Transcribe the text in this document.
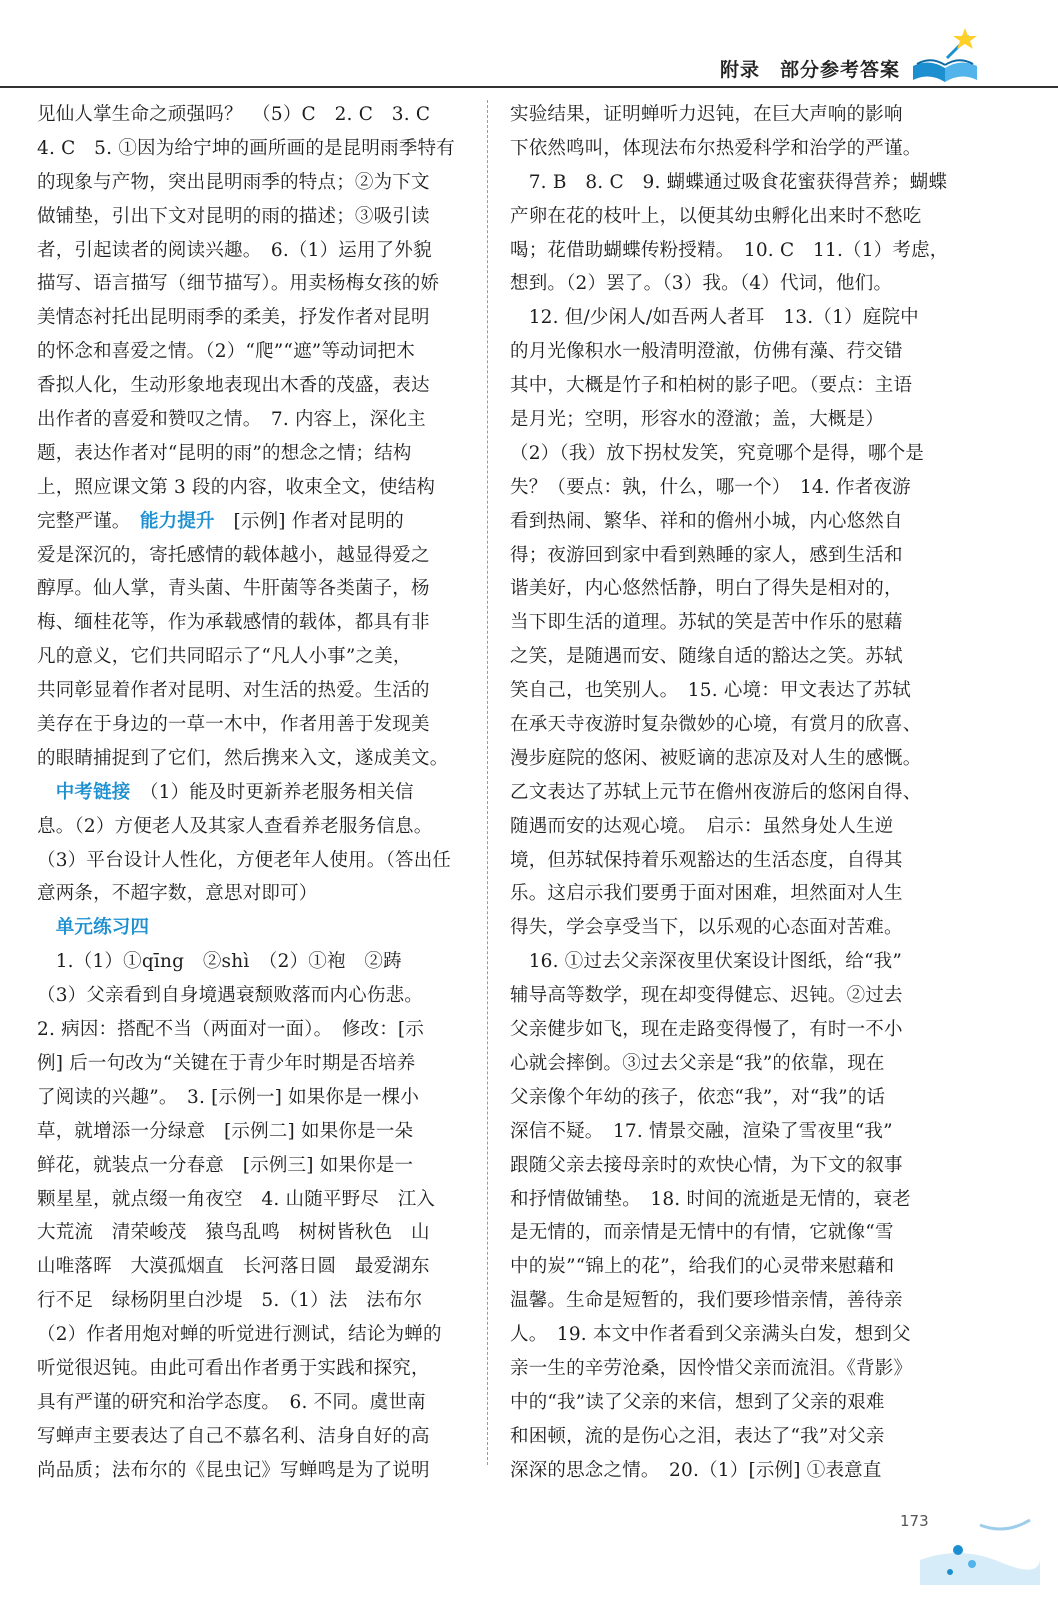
附录　部分参考答案
见仙人掌生命之顽强吗？　（5）C　2. C　3. C
4. C　5. ①因为给宁坤的画所画的是昆明雨季特有
的现象与产物，突出昆明雨季的特点；②为下文
做铺垫，引出下文对昆明的雨的描述；③吸引读
者，引起读者的阅读兴趣。　6.（1）运用了外貌
描写、语言描写（细节描写）。用卖杨梅女孩的娇
美情态衬托出昆明雨季的柔美，抒发作者对昆明
的怀念和喜爱之情。（2）“爬”“遮”等动词把木
香拟人化，生动形象地表现出木香的茂盛，表达
出作者的喜爱和赞叹之情。　7. 内容上，深化主
题，表达作者对“昆明的雨”的想念之情；结构
上，照应课文第 3 段的内容，收束全文，使结构
完整严谨。　能力提升　[示例] 作者对昆明的
爱是深沉的，寄托感情的载体越小，越显得爱之
醇厚。仙人掌，青头菌、牛肝菌等各类菌子，杨
梅、缅桂花等，作为承载感情的载体，都具有非
凡的意义，它们共同昭示了“凡人小事”之美，
共同彰显着作者对昆明、对生活的热爱。生活的
美存在于身边的一草一木中，作者用善于发现美
的眼睛捕捉到了它们，然后携来入文，遂成美文。
　中考链接　（1）能及时更新养老服务相关信
息。（2）方便老人及其家人查看养老服务信息。
（3）平台设计人性化，方便老年人使用。（答出任
意两条，不超字数，意思对即可）
　单元练习四
　1.（1）①qīng　②shì　（2）①袍　②踌
（3）父亲看到自身境遇衰颓败落而内心伤悲。
2. 病因：搭配不当（两面对一面）。　修改：[示
例] 后一句改为“关键在于青少年时期是否培养
了阅读的兴趣”。　3. [示例一] 如果你是一棵小
草，就增添一分绿意　[示例二] 如果你是一朵
鲜花，就装点一分春意　[示例三] 如果你是一
颗星星，就点缀一角夜空　4. 山随平野尽　江入
大荒流　清荣峻茂　猿鸟乱鸣　树树皆秋色　山
山唯落晖　大漠孤烟直　长河落日圆　最爱湖东
行不足　绿杨阴里白沙堤　5.（1）法　法布尔
（2）作者用炮对蝉的听觉进行测试，结论为蝉的
听觉很迟钝。由此可看出作者勇于实践和探究，
具有严谨的研究和治学态度。　6. 不同。虞世南
写蝉声主要表达了自己不慕名利、洁身自好的高
尚品质；法布尔的《昆虫记》写蝉鸣是为了说明
实验结果，证明蝉听力迟钝，在巨大声响的影响
下依然鸣叫，体现法布尔热爱科学和治学的严谨。
　7. B　8. C　9. 蝴蝶通过吸食花蜜获得营养；蝴蝶
产卵在花的枝叶上，以便其幼虫孵化出来时不愁吃
喝；花借助蝴蝶传粉授精。　10. C　11.（1）考虑，
想到。（2）罢了。（3）我。（4）代词，他们。
　12. 但/少闲人/如吾两人者耳　13.（1）庭院中
的月光像积水一般清明澄澈，仿佛有藻、荇交错
其中，大概是竹子和柏树的影子吧。（要点：主语
是月光；空明，形容水的澄澈；盖，大概是）
（2）（我）放下拐杖发笑，究竟哪个是得，哪个是
失？（要点：孰，什么，哪一个）　14. 作者夜游
看到热闹、繁华、祥和的儋州小城，内心悠然自
得；夜游回到家中看到熟睡的家人，感到生活和
谐美好，内心悠然恬静，明白了得失是相对的，
当下即生活的道理。苏轼的笑是苦中作乐的慰藉
之笑，是随遇而安、随缘自适的豁达之笑。苏轼
笑自己，也笑别人。　15. 心境：甲文表达了苏轼
在承天寺夜游时复杂微妙的心境，有赏月的欣喜、
漫步庭院的悠闲、被贬谪的悲凉及对人生的感慨。
乙文表达了苏轼上元节在儋州夜游后的悠闲自得、
随遇而安的达观心境。　启示：虽然身处人生逆
境，但苏轼保持着乐观豁达的生活态度，自得其
乐。这启示我们要勇于面对困难，坦然面对人生
得失，学会享受当下，以乐观的心态面对苦难。
　16. ①过去父亲深夜里伏案设计图纸，给“我”
辅导高等数学，现在却变得健忘、迟钝。②过去
父亲健步如飞，现在走路变得慢了，有时一不小
心就会摔倒。③过去父亲是“我”的依靠，现在
父亲像个年幼的孩子，依恋“我”，对“我”的话
深信不疑。　17. 情景交融，渲染了雪夜里“我”
跟随父亲去接母亲时的欢快心情，为下文的叙事
和抒情做铺垫。　18. 时间的流逝是无情的，衰老
是无情的，而亲情是无情中的有情，它就像“雪
中的炭”“锦上的花”，给我们的心灵带来慰藉和
温馨。生命是短暂的，我们要珍惜亲情，善待亲
人。　19. 本文中作者看到父亲满头白发，想到父
亲一生的辛劳沧桑，因怜惜父亲而流泪。《背影》
中的“我”读了父亲的来信，想到了父亲的艰难
和困顿，流的是伤心之泪，表达了“我”对父亲
深深的思念之情。　20.（1）[示例] ①表意直
173
